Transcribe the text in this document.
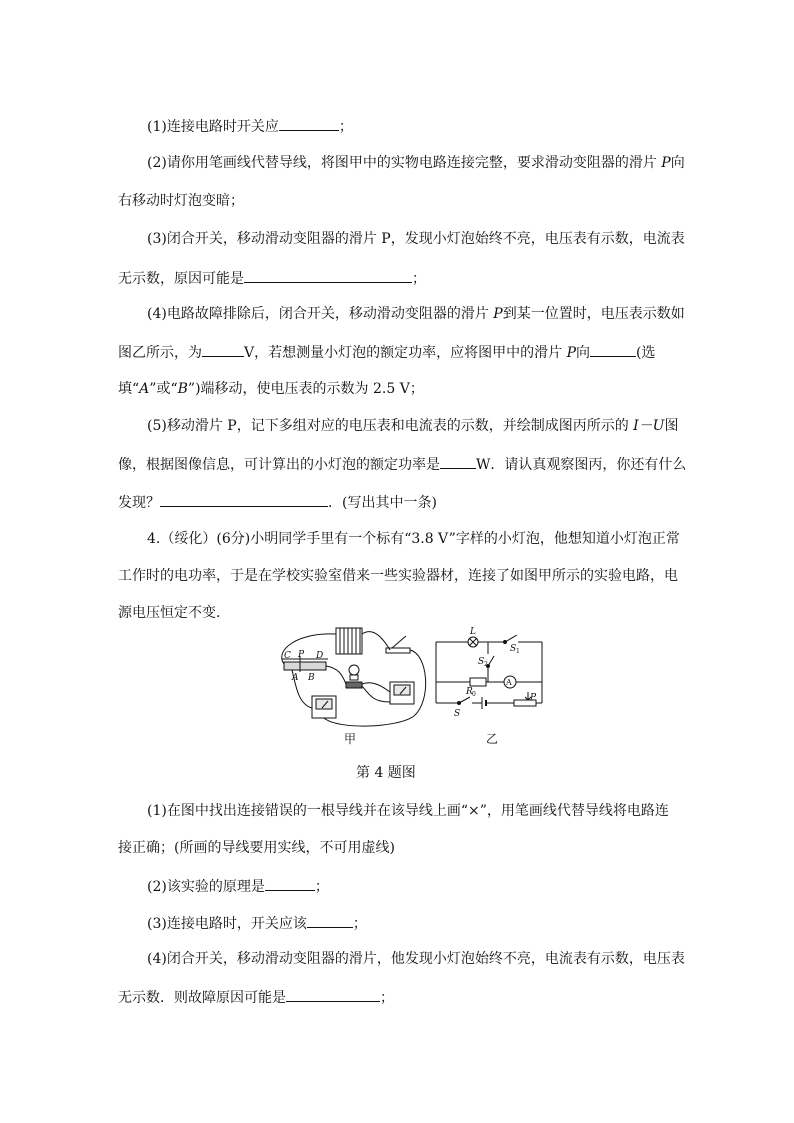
(1)连接电路时开关应	；
(2)请你用笔画线代替导线，将图甲中的实物电路连接完整，要求滑动变阻器的滑片 P向
右移动时灯泡变暗；
(3)闭合开关，移动滑动变阻器的滑片 P，发现小灯泡始终不亮，电压表有示数，电流表
无示数，原因可能是	；
(4)电路故障排除后，闭合开关，移动滑动变阻器的滑片 P到某一位置时，电压表示数如
图乙所示，为	V，若想测量小灯泡的额定功率，应将图甲中的滑片 P向	(选
填“A”或“B”)端移动，使电压表的示数为 2.5 V；
(5)移动滑片 P，记下多组对应的电压表和电流表的示数，并绘制成图丙所示的 I－U图
像，根据图像信息，可计算出的小灯泡的额定功率是	W．请认真观察图丙，你还有什么
发现？	．(写出其中一条)
4.（绥化）(6分)小明同学手里有一个标有“3.8 V”字样的小灯泡，他想知道小灯泡正常
工作时的电功率，于是在学校实验室借来一些实验器材，连接了如图甲所示的实验电路，电
源电压恒定不变．
C P D
A B
L
S 1
S 2
A
R 0
S
P
甲	乙
第 4 题图
(1)在图中找出连接错误的一根导线并在该导线上画“×”，用笔画线代替导线将电路连
接正确；(所画的导线要用实线，不可用虚线)
(2)该实验的原理是	；
(3)连接电路时，开关应该	；
(4)闭合开关，移动滑动变阻器的滑片，他发现小灯泡始终不亮，电流表有示数，电压表
无示数．则故障原因可能是	；
